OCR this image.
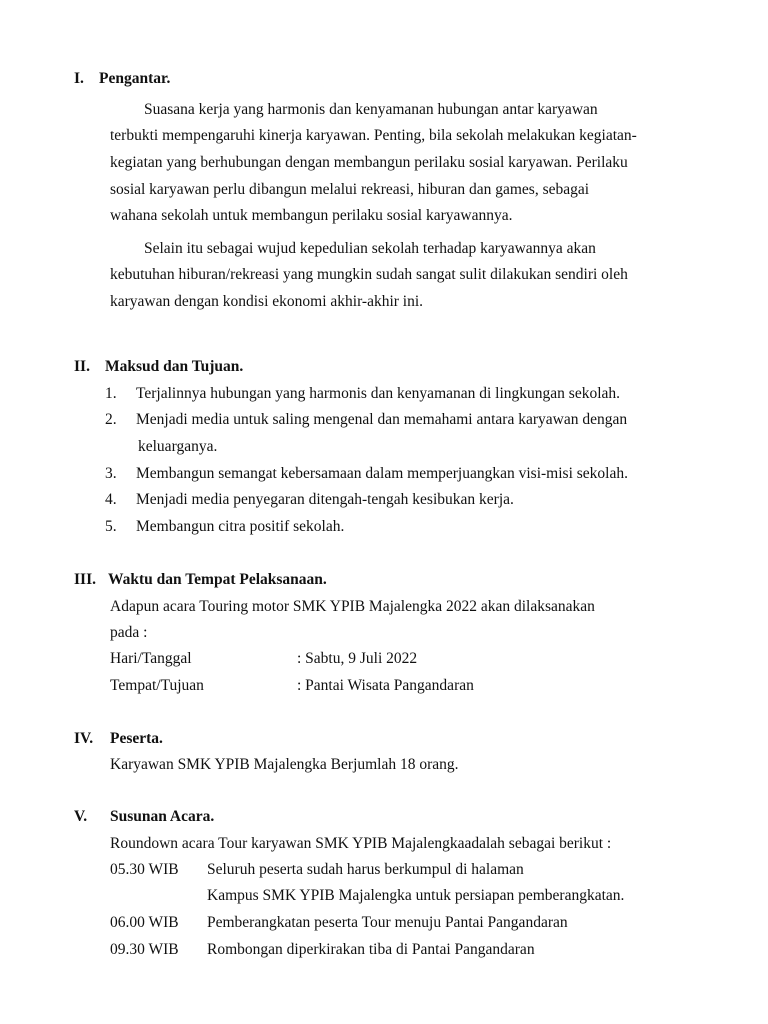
I. Pengantar.
Suasana kerja yang harmonis dan kenyamanan hubungan antar karyawan
terbukti mempengaruhi kinerja karyawan. Penting, bila sekolah melakukan kegiatan-
kegiatan yang berhubungan dengan membangun perilaku sosial karyawan. Perilaku
sosial karyawan perlu dibangun melalui rekreasi, hiburan dan games, sebagai
wahana sekolah untuk membangun perilaku sosial karyawannya.
Selain itu sebagai wujud kepedulian sekolah terhadap karyawannya akan
kebutuhan hiburan/rekreasi yang mungkin sudah sangat sulit dilakukan sendiri oleh
karyawan dengan kondisi ekonomi akhir-akhir ini.
II. Maksud dan Tujuan.
1. Terjalinnya hubungan yang harmonis dan kenyamanan di lingkungan sekolah.
2. Menjadi media untuk saling mengenal dan memahami antara karyawan dengan
keluarganya.
3. Membangun semangat kebersamaan dalam memperjuangkan visi-misi sekolah.
4. Menjadi media penyegaran ditengah-tengah kesibukan kerja.
5. Membangun citra positif sekolah.
III. Waktu dan Tempat Pelaksanaan.
Adapun acara Touring motor SMK YPIB Majalengka 2022 akan dilaksanakan
pada :
Hari/Tanggal	: Sabtu, 9 Juli 2022
Tempat/Tujuan	: Pantai Wisata Pangandaran
IV. Peserta.
Karyawan SMK YPIB Majalengka Berjumlah 18 orang.
V. Susunan Acara.
Roundown acara Tour karyawan SMK YPIB Majalengkaadalah sebagai berikut :
05.30 WIB Seluruh peserta sudah harus berkumpul di halaman
Kampus SMK YPIB Majalengka untuk persiapan pemberangkatan.
06.00 WIB Pemberangkatan peserta Tour menuju Pantai Pangandaran
09.30 WIB Rombongan diperkirakan tiba di Pantai Pangandaran
